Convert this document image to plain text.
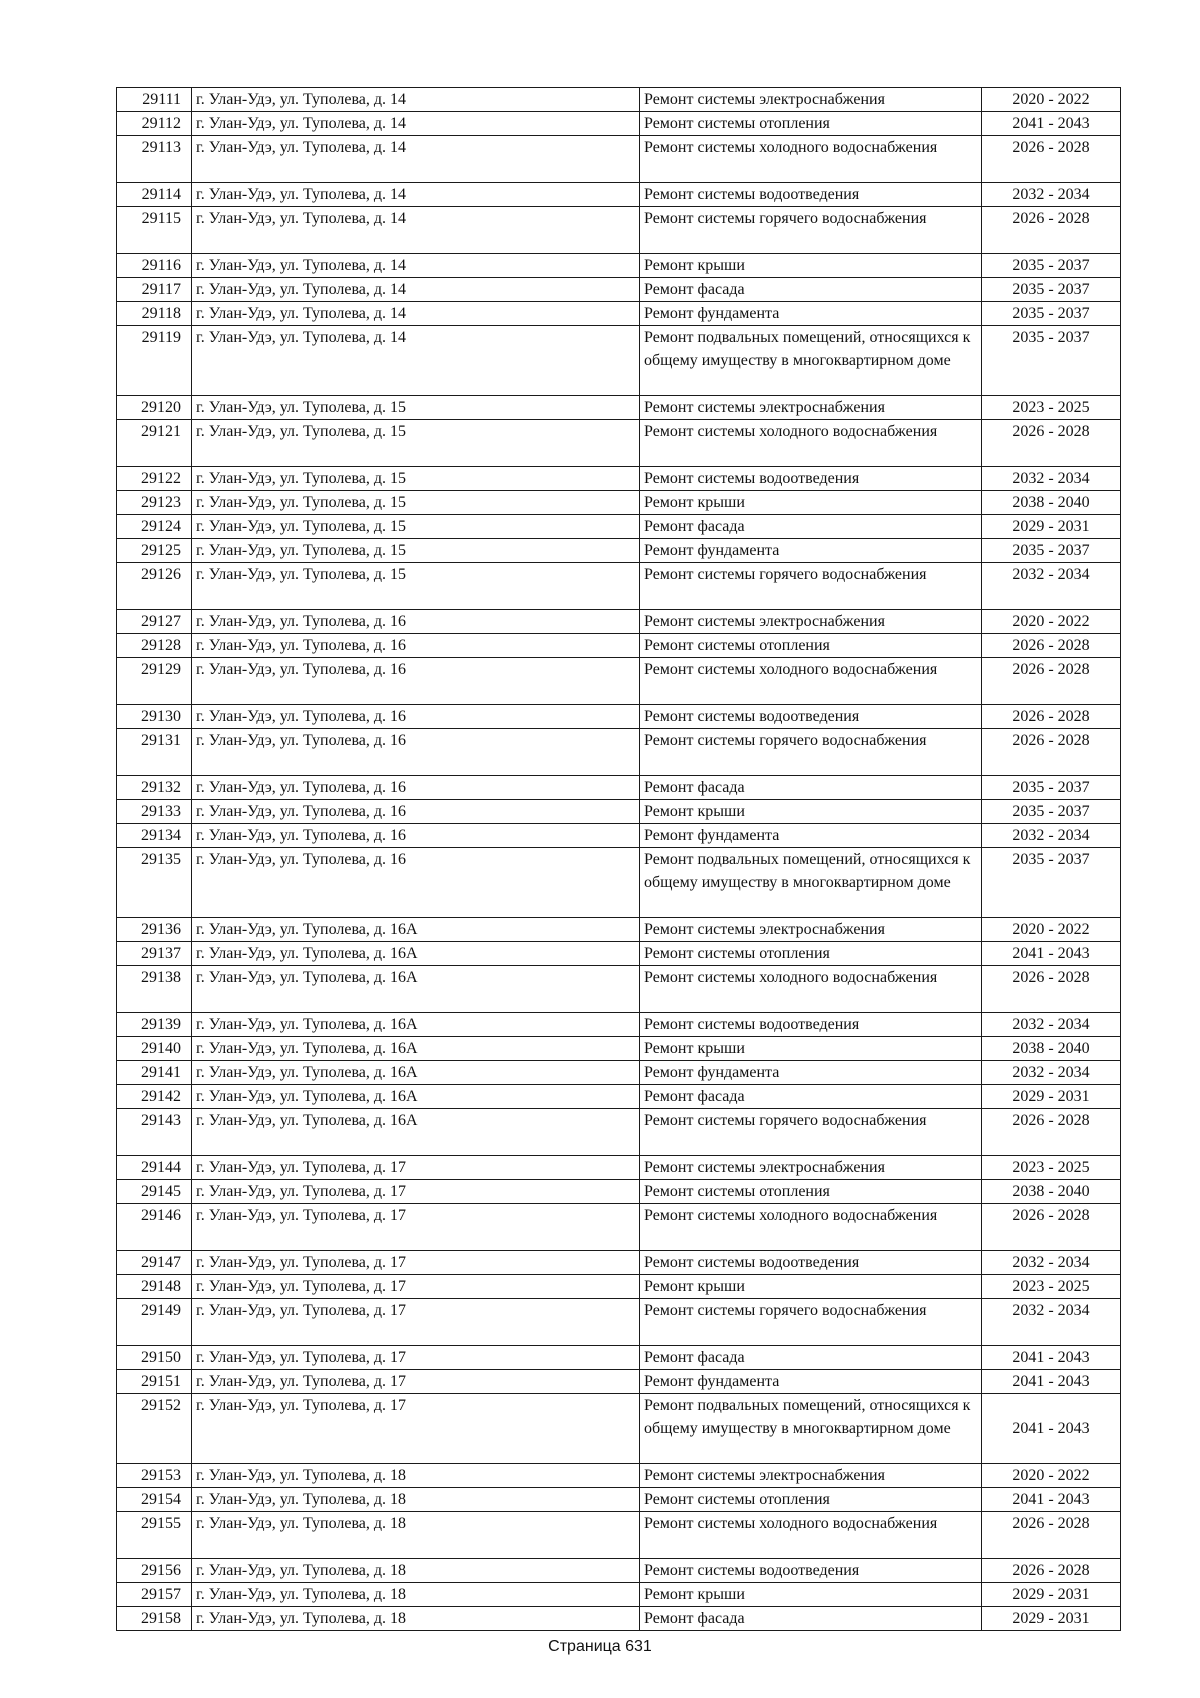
29111	г. Улан-Удэ, ул. Туполева, д. 14	Ремонт системы электроснабжения	2020 - 2022
29112	г. Улан-Удэ, ул. Туполева, д. 14	Ремонт системы отопления	2041 - 2043
29113	г. Улан-Удэ, ул. Туполева, д. 14	Ремонт системы холодного водоснабжения	2026 - 2028
29114	г. Улан-Удэ, ул. Туполева, д. 14	Ремонт системы водоотведения	2032 - 2034
29115	г. Улан-Удэ, ул. Туполева, д. 14	Ремонт системы горячего водоснабжения	2026 - 2028
29116	г. Улан-Удэ, ул. Туполева, д. 14	Ремонт крыши	2035 - 2037
29117	г. Улан-Удэ, ул. Туполева, д. 14	Ремонт фасада	2035 - 2037
29118	г. Улан-Удэ, ул. Туполева, д. 14	Ремонт фундамента	2035 - 2037
29119	г. Улан-Удэ, ул. Туполева, д. 14	Ремонт подвальных помещений, относящихся к общему имуществу в многоквартирном доме	2035 - 2037
29120	г. Улан-Удэ, ул. Туполева, д. 15	Ремонт системы электроснабжения	2023 - 2025
29121	г. Улан-Удэ, ул. Туполева, д. 15	Ремонт системы холодного водоснабжения	2026 - 2028
29122	г. Улан-Удэ, ул. Туполева, д. 15	Ремонт системы водоотведения	2032 - 2034
29123	г. Улан-Удэ, ул. Туполева, д. 15	Ремонт крыши	2038 - 2040
29124	г. Улан-Удэ, ул. Туполева, д. 15	Ремонт фасада	2029 - 2031
29125	г. Улан-Удэ, ул. Туполева, д. 15	Ремонт фундамента	2035 - 2037
29126	г. Улан-Удэ, ул. Туполева, д. 15	Ремонт системы горячего водоснабжения	2032 - 2034
29127	г. Улан-Удэ, ул. Туполева, д. 16	Ремонт системы электроснабжения	2020 - 2022
29128	г. Улан-Удэ, ул. Туполева, д. 16	Ремонт системы отопления	2026 - 2028
29129	г. Улан-Удэ, ул. Туполева, д. 16	Ремонт системы холодного водоснабжения	2026 - 2028
29130	г. Улан-Удэ, ул. Туполева, д. 16	Ремонт системы водоотведения	2026 - 2028
29131	г. Улан-Удэ, ул. Туполева, д. 16	Ремонт системы горячего водоснабжения	2026 - 2028
29132	г. Улан-Удэ, ул. Туполева, д. 16	Ремонт фасада	2035 - 2037
29133	г. Улан-Удэ, ул. Туполева, д. 16	Ремонт крыши	2035 - 2037
29134	г. Улан-Удэ, ул. Туполева, д. 16	Ремонт фундамента	2032 - 2034
29135	г. Улан-Удэ, ул. Туполева, д. 16	Ремонт подвальных помещений, относящихся к общему имуществу в многоквартирном доме	2035 - 2037
29136	г. Улан-Удэ, ул. Туполева, д. 16А	Ремонт системы электроснабжения	2020 - 2022
29137	г. Улан-Удэ, ул. Туполева, д. 16А	Ремонт системы отопления	2041 - 2043
29138	г. Улан-Удэ, ул. Туполева, д. 16А	Ремонт системы холодного водоснабжения	2026 - 2028
29139	г. Улан-Удэ, ул. Туполева, д. 16А	Ремонт системы водоотведения	2032 - 2034
29140	г. Улан-Удэ, ул. Туполева, д. 16А	Ремонт крыши	2038 - 2040
29141	г. Улан-Удэ, ул. Туполева, д. 16А	Ремонт фундамента	2032 - 2034
29142	г. Улан-Удэ, ул. Туполева, д. 16А	Ремонт фасада	2029 - 2031
29143	г. Улан-Удэ, ул. Туполева, д. 16А	Ремонт системы горячего водоснабжения	2026 - 2028
29144	г. Улан-Удэ, ул. Туполева, д. 17	Ремонт системы электроснабжения	2023 - 2025
29145	г. Улан-Удэ, ул. Туполева, д. 17	Ремонт системы отопления	2038 - 2040
29146	г. Улан-Удэ, ул. Туполева, д. 17	Ремонт системы холодного водоснабжения	2026 - 2028
29147	г. Улан-Удэ, ул. Туполева, д. 17	Ремонт системы водоотведения	2032 - 2034
29148	г. Улан-Удэ, ул. Туполева, д. 17	Ремонт крыши	2023 - 2025
29149	г. Улан-Удэ, ул. Туполева, д. 17	Ремонт системы горячего водоснабжения	2032 - 2034
29150	г. Улан-Удэ, ул. Туполева, д. 17	Ремонт фасада	2041 - 2043
29151	г. Улан-Удэ, ул. Туполева, д. 17	Ремонт фундамента	2041 - 2043
29152	г. Улан-Удэ, ул. Туполева, д. 17	Ремонт подвальных помещений, относящихся к общему имуществу в многоквартирном доме	2041 - 2043
29153	г. Улан-Удэ, ул. Туполева, д. 18	Ремонт системы электроснабжения	2020 - 2022
29154	г. Улан-Удэ, ул. Туполева, д. 18	Ремонт системы отопления	2041 - 2043
29155	г. Улан-Удэ, ул. Туполева, д. 18	Ремонт системы холодного водоснабжения	2026 - 2028
29156	г. Улан-Удэ, ул. Туполева, д. 18	Ремонт системы водоотведения	2026 - 2028
29157	г. Улан-Удэ, ул. Туполева, д. 18	Ремонт крыши	2029 - 2031
29158	г. Улан-Удэ, ул. Туполева, д. 18	Ремонт фасада	2029 - 2031
Страница 631
